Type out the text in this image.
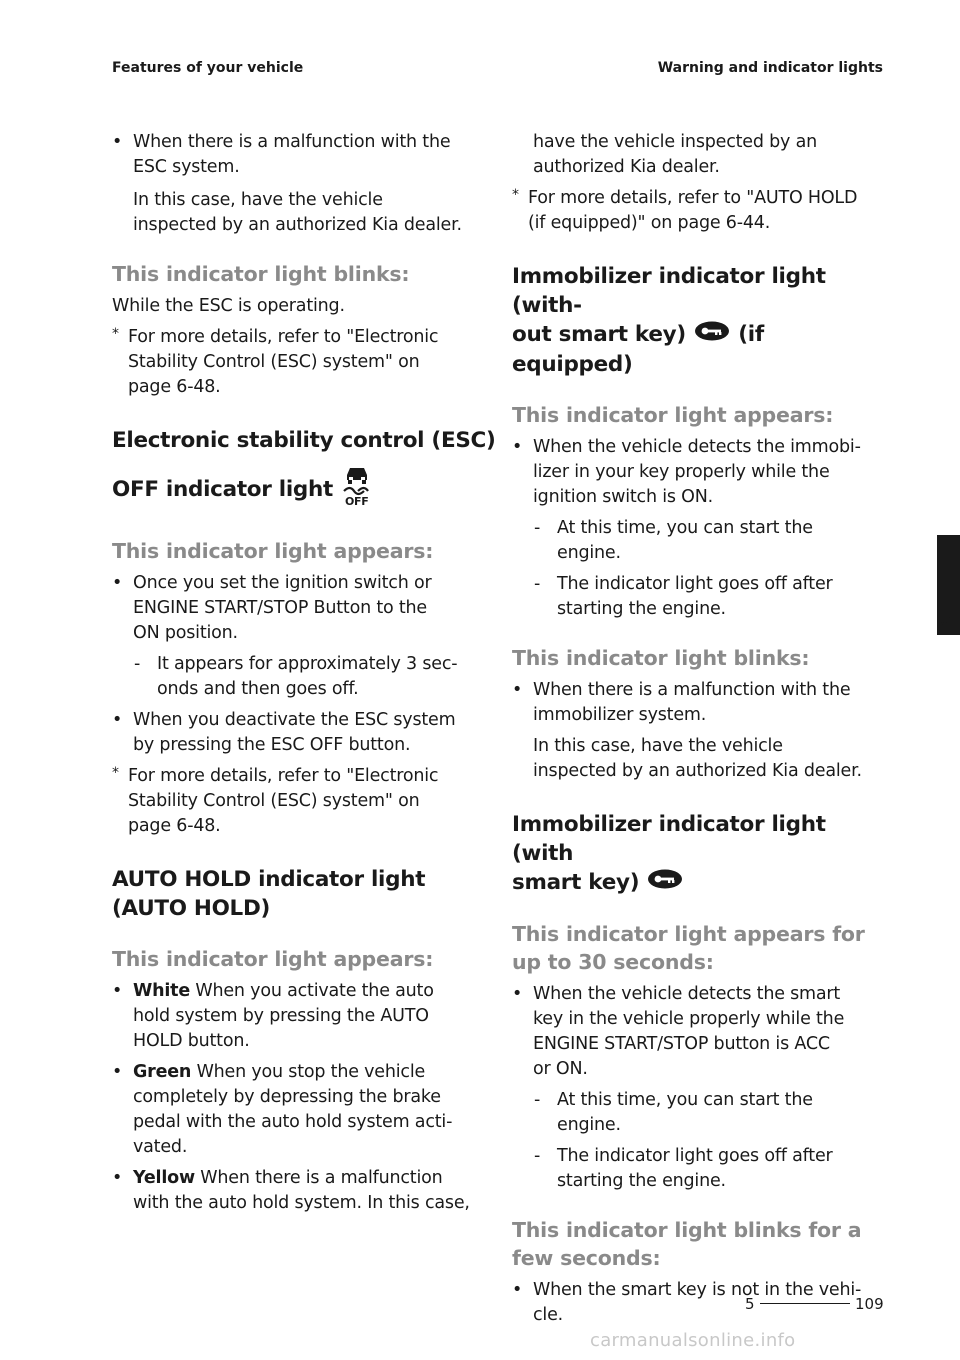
Features of your vehicle	Warning and indicator lights
• When there is a malfunction with the
ESC system.

In this case, have the vehicle

inspected by an authorized Kia dealer.

This indicator light blinks:

While the ESC is operating.

* For more details, refer to "Electronic
Stability Control (ESC) system" on
page 6-48.

Electronic stability control (ESC)

OFF indicator light OFF

This indicator light appears:

• Once you set the ignition switch or
ENGINE START/STOP Button to the
ON position.
- It appears for approximately 3 sec-
onds and then goes off.
• When you deactivate the ESC system
by pressing the ESC OFF button.
* For more details, refer to "Electronic
Stability Control (ESC) system" on
page 6-48.

AUTO HOLD indicator light

(AUTO HOLD)

This indicator light appears:

• White When you activate the auto
hold system by pressing the AUTO
HOLD button.
• Green When you stop the vehicle
completely by depressing the brake
pedal with the auto hold system acti-
vated.
• Yellow When there is a malfunction
with the auto hold system. In this case,

have the vehicle inspected by an

authorized Kia dealer.

* For more details, refer to "AUTO HOLD
(if equipped)" on page 6-44.

Immobilizer indicator light (with-

out smart key) (if equipped)

This indicator light appears:

• When the vehicle detects the immobi-
lizer in your key properly while the
ignition switch is ON.
- At this time, you can start the
engine.
- The indicator light goes off after
starting the engine.

This indicator light blinks:

• When there is a malfunction with the
immobilizer system.

In this case, have the vehicle

inspected by an authorized Kia dealer.

Immobilizer indicator light (with

smart key)

This indicator light appears for

up to 30 seconds:

• When the vehicle detects the smart
key in the vehicle properly while the
ENGINE START/STOP button is ACC
or ON.
- At this time, you can start the
engine.
- The indicator light goes off after
starting the engine.

This indicator light blinks for a

few seconds:

• When the smart key is not in the vehi-
cle.
5
5	109
carmanualsonline.info
